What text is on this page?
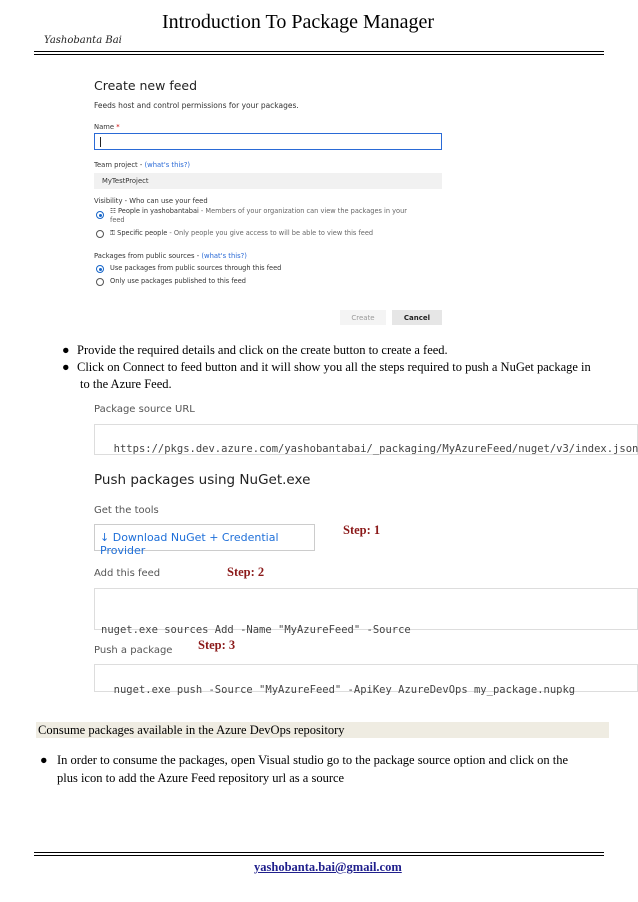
Yashobanta Bai
Introduction To Package Manager
Create new feed
Feeds host and control permissions for your packages.
Name *
Team project - (what's this?)
MyTestProject
Visibility - Who can use your feed
☷ People in yashobantabai - Members of your organization can view the packages in your
feed
⚿ Specific people - Only people you give access to will be able to view this feed
Packages from public sources - (what's this?)
Use packages from public sources through this feed
Only use packages published to this feed
Create	Cancel
● Provide the required details and click on the create button to create a feed.
● Click on Connect to feed button and it will show you all the steps required to push a NuGet package in
to the Azure Feed.
Package source URL

https://pkgs.dev.azure.com/yashobantabai/_packaging/MyAzureFeed/nuget/v3/index.json

Push packages using NuGet.exe
Get the tools
↓ Download NuGet + Credential Provider
Step: 1
Add this feed	Step: 2

nuget.exe sources Add -Name "MyAzureFeed" -Source

Push a package Step: 3

nuget.exe push -Source "MyAzureFeed" -ApiKey AzureDevOps my_package.nupkg

Consume packages available in the Azure DevOps repository
● In order to consume the packages, open Visual studio go to the package source option and click on the
plus icon to add the Azure Feed repository url as a source
yashobanta.bai@gmail.com
